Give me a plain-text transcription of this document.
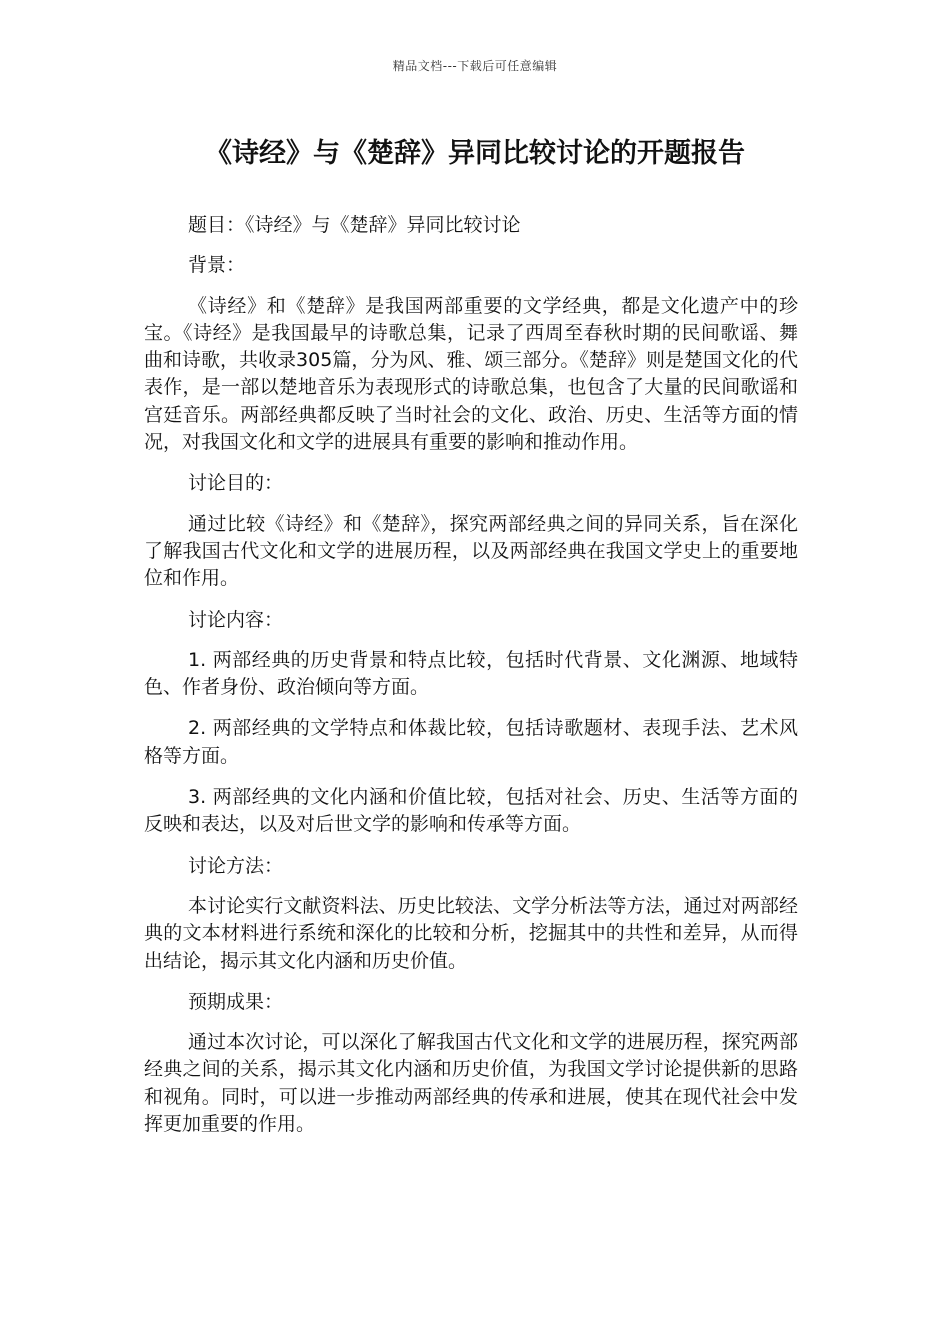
精品文档---下载后可任意编辑
《诗经》与《楚辞》异同比较讨论的开题报告

题目：《诗经》与《楚辞》异同比较讨论

背景：

《诗经》和《楚辞》是我国两部重要的文学经典，都是文化遗产中的珍宝。《诗经》是我国最早的诗歌总集，记录了西周至春秋时期的民间歌谣、舞曲和诗歌，共收录305篇，分为风、雅、颂三部分。《楚辞》则是楚国文化的代表作，是一部以楚地音乐为表现形式的诗歌总集，也包含了大量的民间歌谣和宫廷音乐。两部经典都反映了当时社会的文化、政治、历史、生活等方面的情况，对我国文化和文学的进展具有重要的影响和推动作用。

讨论目的：

通过比较《诗经》和《楚辞》，探究两部经典之间的异同关系，旨在深化了解我国古代文化和文学的进展历程，以及两部经典在我国文学史上的重要地位和作用。

讨论内容：

1. 两部经典的历史背景和特点比较，包括时代背景、文化渊源、地域特色、作者身份、政治倾向等方面。

2. 两部经典的文学特点和体裁比较，包括诗歌题材、表现手法、艺术风格等方面。

3. 两部经典的文化内涵和价值比较，包括对社会、历史、生活等方面的反映和表达，以及对后世文学的影响和传承等方面。

讨论方法：

本讨论实行文献资料法、历史比较法、文学分析法等方法，通过对两部经典的文本材料进行系统和深化的比较和分析，挖掘其中的共性和差异，从而得出结论，揭示其文化内涵和历史价值。

预期成果：

通过本次讨论，可以深化了解我国古代文化和文学的进展历程，探究两部经典之间的关系，揭示其文化内涵和历史价值，为我国文学讨论提供新的思路和视角。同时，可以进一步推动两部经典的传承和进展，使其在现代社会中发挥更加重要的作用。
